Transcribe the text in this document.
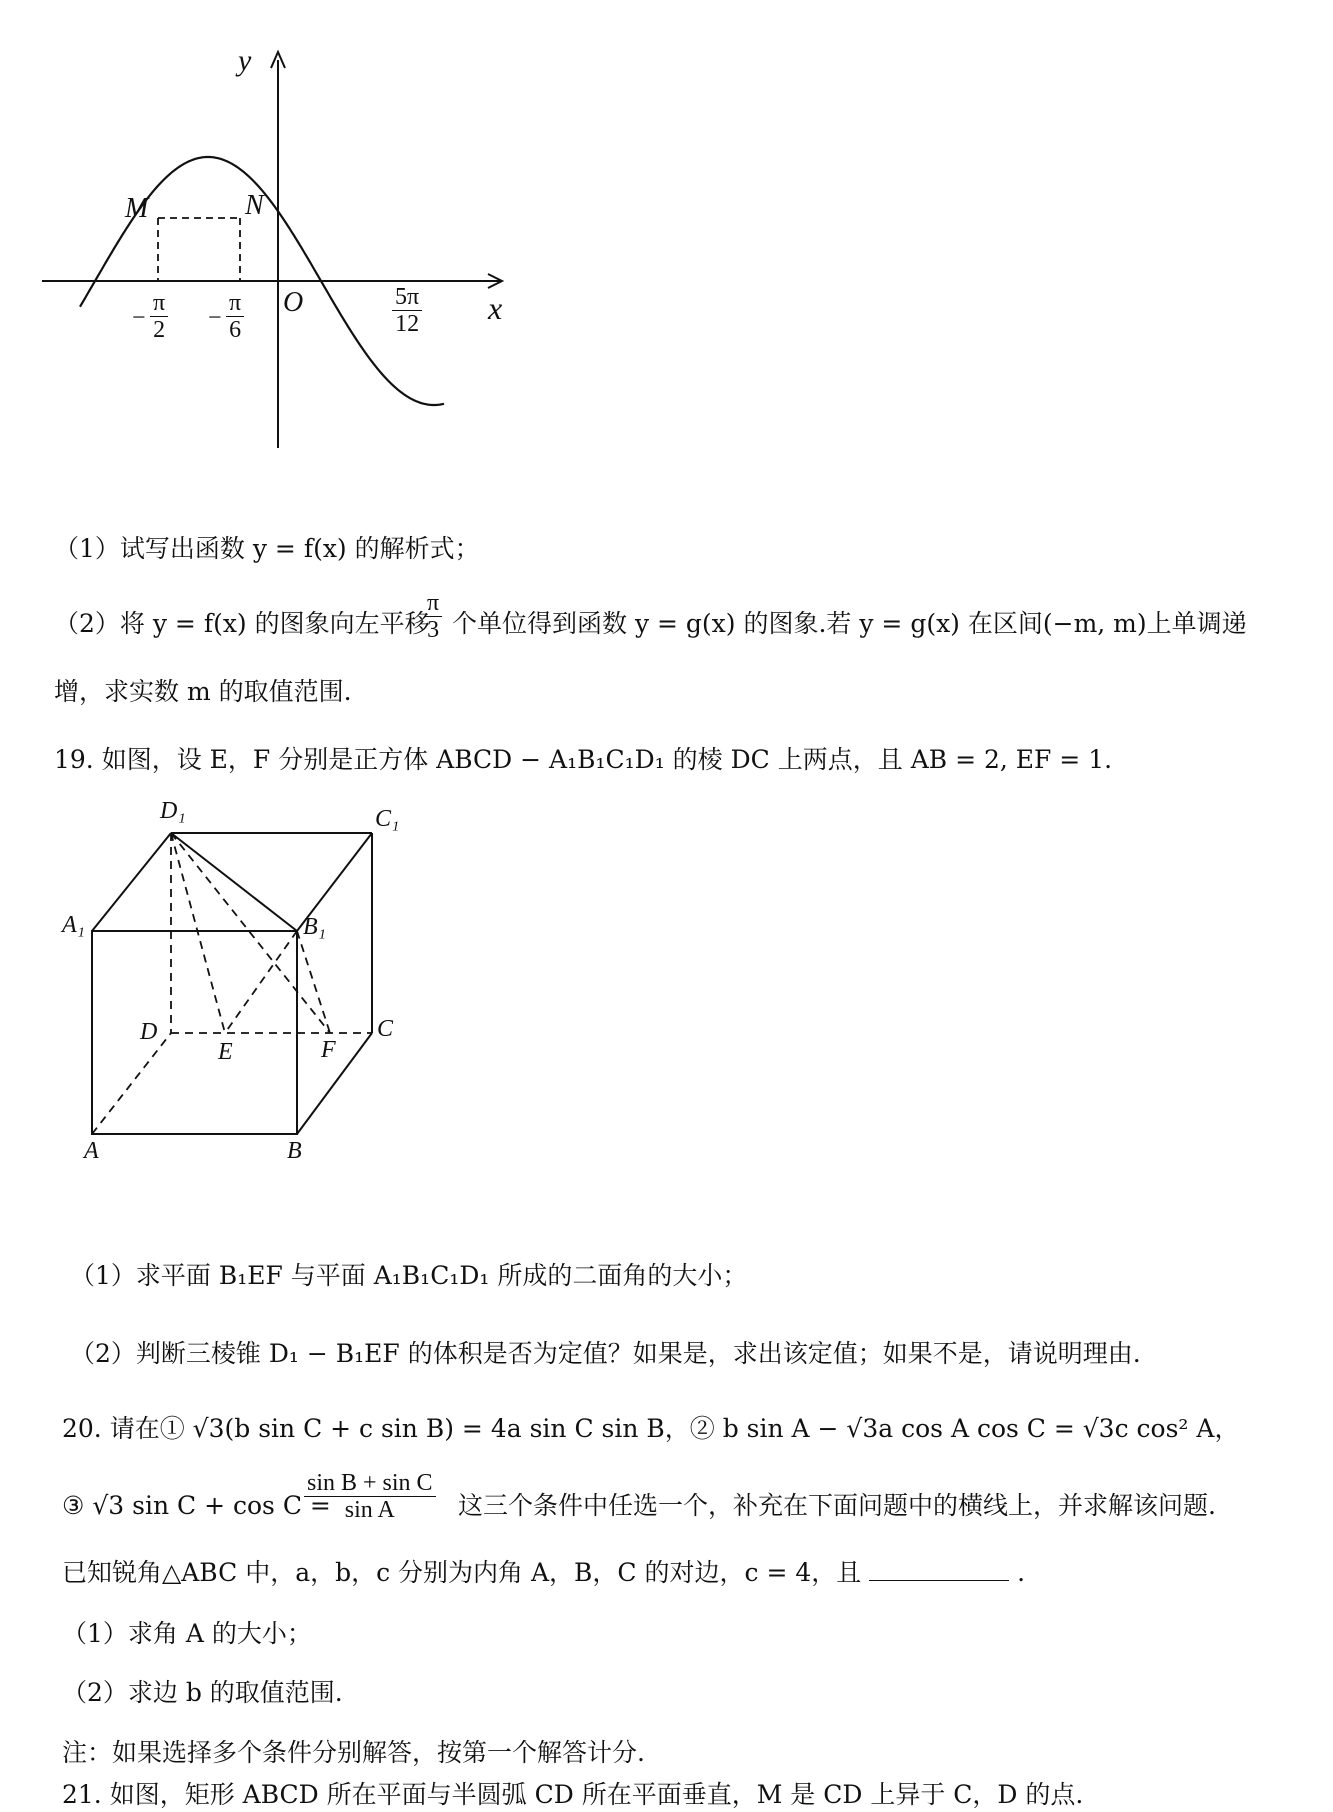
y
x
O
M	N
− $\frac{\pi}{2} - \frac{\pi}{6}$	$\frac{5\pi}{12}$
（1）试写出函数 y = f(x) 的解析式；
（2）将 y = f(x) 的图象向左平移
$\frac{\pi}{3}$ 个单位得到函数 y = g(x) 的图象.若 y = g(x) 在区间(−m, m)上单调递
增，求实数 m 的取值范围.
19. 如图，设 E，F 分别是正方体 ABCD − A₁B₁C₁D₁ 的棱 DC 上两点，且 AB = 2, EF = 1.
D₁	C₁
A₁	B₁
D
E	F
C
A	B
（1）求平面 B₁EF 与平面 A₁B₁C₁D₁ 所成的二面角的大小；
（2）判断三棱锥 D₁ − B₁EF 的体积是否为定值？如果是，求出该定值；如果不是，请说明理由.
20. 请在① √3(b sin C + c sin B) = 4a sin C sin B，② b sin A − √3a cos A cos C = √3c cos² A，
③ √3 sin C + cos C =
$\frac{\text{sin B + sin C}}{\text{sin A}}$ 这三个条件中任选一个，补充在下面问题中的横线上，并求解该问题.
已知锐角△ABC 中，a，b，c 分别为内角 A，B，C 的对边，c = 4，且	.
（1）求角 A 的大小；
（2）求边 b 的取值范围.
注：如果选择多个条件分别解答，按第一个解答计分.
21. 如图，矩形 ABCD 所在平面与半圆弧 CD 所在平面垂直，M 是 CD 上异于 C，D 的点.
